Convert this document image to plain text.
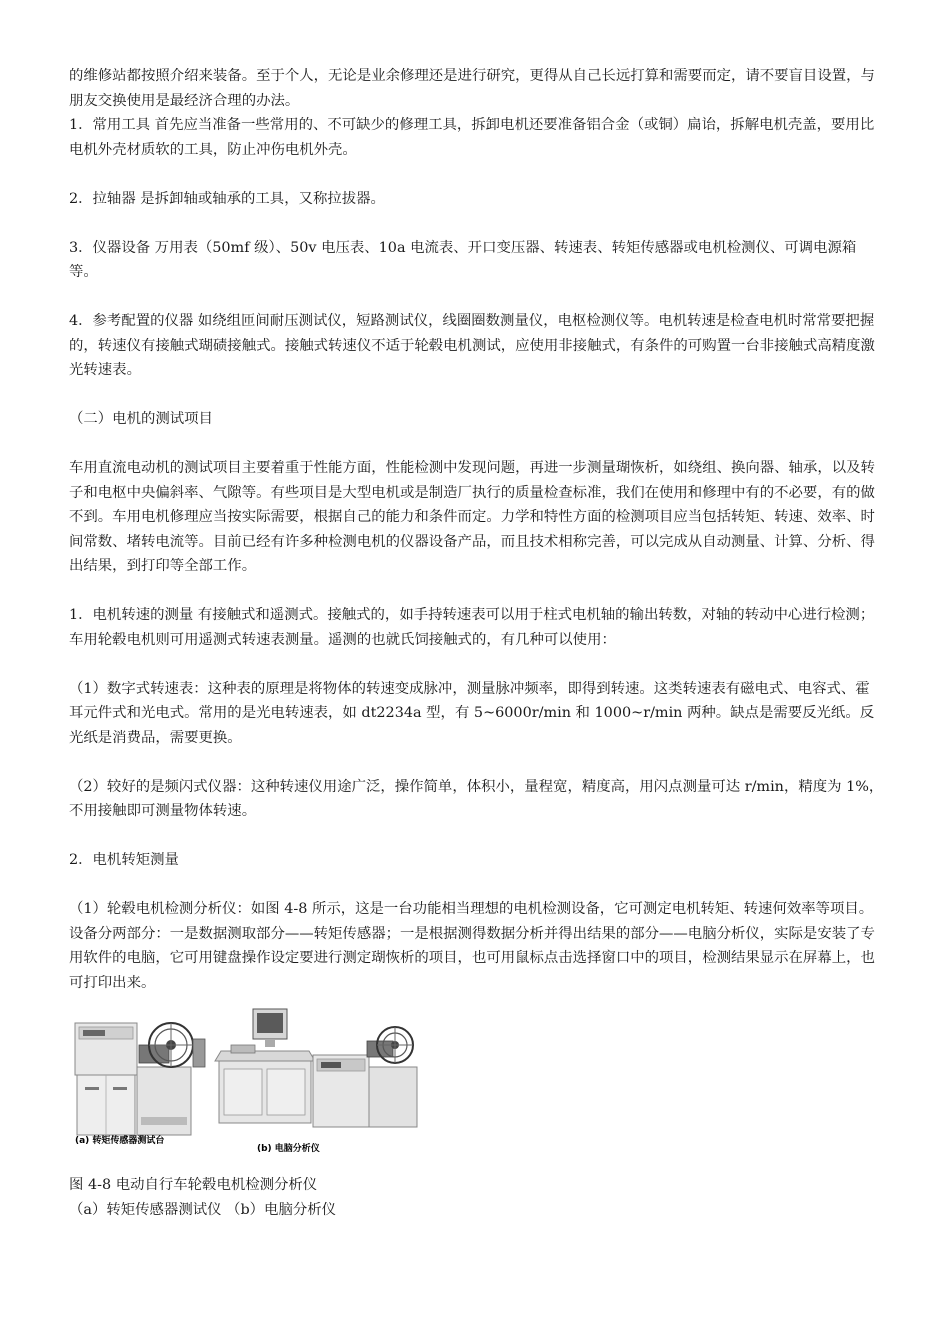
的维修站都按照介绍来装备。至于个人，无论是业余修理还是进行研究，更得从自己长远打算和需要而定，请不要盲目设置，与朋友交换使用是最经济合理的办法。

1．常用工具 首先应当准备一些常用的、不可缺少的修理工具，拆卸电机还要准备铝合金（或铜）扁诒，拆解电机壳盖，要用比电机外壳材质软的工具，防止冲伤电机外壳。

2．拉轴器 是拆卸轴或轴承的工具，又称拉拔器。

3．仪器设备 万用表（50mf 级）、50v 电压表、10a 电流表、开口变压器、转速表、转矩传感器或电机检测仪、可调电源箱等。

4．参考配置的仪器 如绕组匝间耐压测试仪，短路测试仪，线圈圈数测量仪，电枢检测仪等。电机转速是检查电机时常常要把握的，转速仪有接触式瑚碛接触式。接触式转速仪不适于轮毂电机测试，应使用非接触式，有条件的可购置一台非接触式高精度激光转速表。

（二）电机的测试项目

车用直流电动机的测试项目主要着重于性能方面，性能检测中发现问题，再进一步测量瑚恢析，如绕组、换向器、轴承，以及转子和电枢中央偏斜率、气隙等。有些项目是大型电机或是制造厂执行的质量检查标准，我们在使用和修理中有的不必要，有的做不到。车用电机修理应当按实际需要，根据自己的能力和条件而定。力学和特性方面的检测项目应当包括转矩、转速、效率、时间常数、堵转电流等。目前已经有许多种检测电机的仪器设备产品，而且技术相称完善，可以完成从自动测量、计算、分析、得出结果，到打印等全部工作。

1．电机转速的测量 有接触式和遥测式。接触式的，如手持转速表可以用于柱式电机轴的输出转数，对轴的转动中心进行检测；车用轮毂电机则可用遥测式转速表测量。遥测的也就氏饲接触式的，有几种可以使用：

（1）数字式转速表：这种表的原理是将物体的转速变成脉冲，测量脉冲频率，即得到转速。这类转速表有磁电式、电容式、霍耳元件式和光电式。常用的是光电转速表，如 dt2234a 型，有 5~6000r/min 和 1000~r/min 两种。缺点是需要反光纸。反光纸是消费品，需要更换。

（2）较好的是频闪式仪器：这种转速仪用途广泛，操作简单，体积小，量程宽，精度高，用闪点测量可达 r/min，精度为 1%，不用接触即可测量物体转速。

2．电机转矩测量

（1）轮毂电机检测分析仪：如图 4-8 所示，这是一台功能相当理想的电机检测设备，它可测定电机转矩、转速何效率等项目。设备分两部分：一是数据测取部分——转矩传感器；一是根据测得数据分析并得出结果的部分——电脑分析仪，实际是安装了专用软件的电脑，它可用键盘操作设定要进行测定瑚恢析的项目，也可用鼠标点击选择窗口中的项目，检测结果显示在屏幕上，也可打印出来。

(a) 转矩传感器测试台
(b) 电脑分析仪

图 4-8 电动自行车轮毂电机检测分析仪

（a）转矩传感器测试仪 （b）电脑分析仪
